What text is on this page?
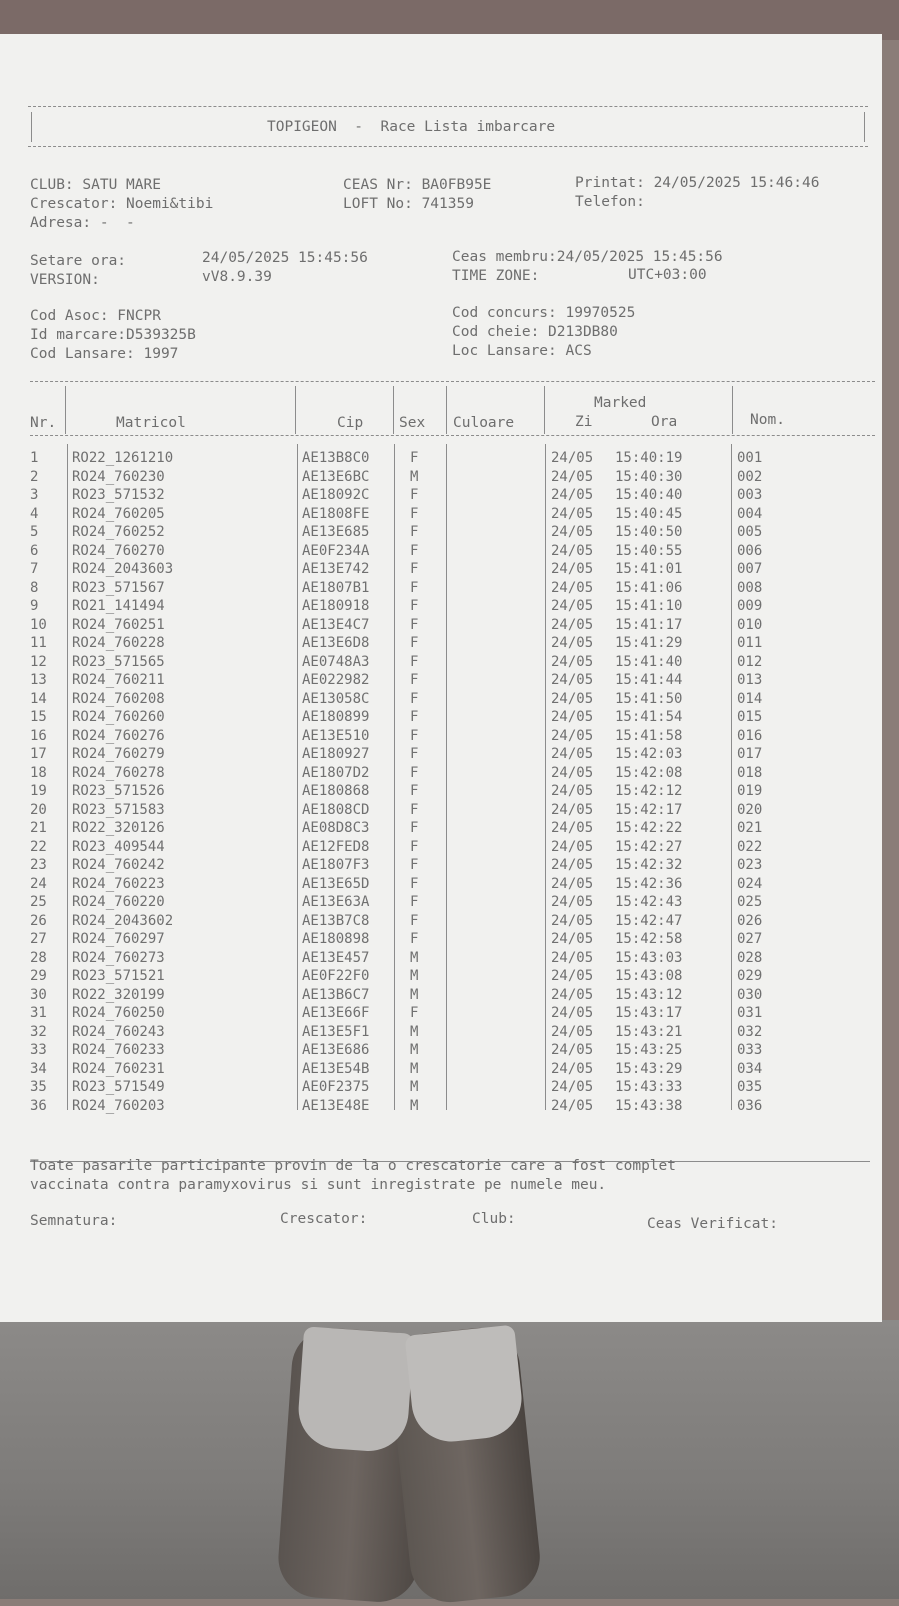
TOPIGEON  -  Race Lista imbarcare
CLUB: SATU MARE
Crescator: Noemi&tibi
Adresa: -  -
CEAS Nr: BA0FB95E
LOFT No: 741359
Printat: 24/05/2025 15:46:46
Telefon:
Setare ora:	24/05/2025 15:45:56
VERSION:	vV8.9.39
Ceas membru:24/05/2025 15:45:56
TIME ZONE:	UTC+03:00
Cod Asoc: FNCPR
Id marcare:D539325B
Cod Lansare: 1997
Cod concurs: 19970525
Cod cheie: D213DB80
Loc Lansare: ACS
Nr.	Matricol	Cip Sex Culoare
Marked
Zi	Ora	Nom.
1 RO22_1261210	AE13B8C0	F	24/05 15:40:19	001
2 RO24_760230	AE13E6BC	M	24/05 15:40:30	002
3 RO23_571532	AE18092C	F	24/05 15:40:40	003
4 RO24_760205	AE1808FE	F	24/05 15:40:45	004
5 RO24_760252	AE13E685	F	24/05 15:40:50	005
6 RO24_760270	AE0F234A	F	24/05 15:40:55	006
7 RO24_2043603	AE13E742	F	24/05 15:41:01	007
8 RO23_571567	AE1807B1	F	24/05 15:41:06	008
9 RO21_141494	AE180918	F	24/05 15:41:10	009
10 RO24_760251	AE13E4C7	F	24/05 15:41:17	010
11 RO24_760228	AE13E6D8	F	24/05 15:41:29	011
12 RO23_571565	AE0748A3	F	24/05 15:41:40	012
13 RO24_760211	AE022982	F	24/05 15:41:44	013
14 RO24_760208	AE13058C	F	24/05 15:41:50	014
15 RO24_760260	AE180899	F	24/05 15:41:54	015
16 RO24_760276	AE13E510	F	24/05 15:41:58	016
17 RO24_760279	AE180927	F	24/05 15:42:03	017
18 RO24_760278	AE1807D2	F	24/05 15:42:08	018
19 RO23_571526	AE180868	F	24/05 15:42:12	019
20 RO23_571583	AE1808CD	F	24/05 15:42:17	020
21 RO22_320126	AE08D8C3	F	24/05 15:42:22	021
22 RO23_409544	AE12FED8	F	24/05 15:42:27	022
23 RO24_760242	AE1807F3	F	24/05 15:42:32	023
24 RO24_760223	AE13E65D	F	24/05 15:42:36	024
25 RO24_760220	AE13E63A	F	24/05 15:42:43	025
26 RO24_2043602	AE13B7C8	F	24/05 15:42:47	026
27 RO24_760297	AE180898	F	24/05 15:42:58	027
28 RO24_760273	AE13E457	M	24/05 15:43:03	028
29 RO23_571521	AE0F22F0	M	24/05 15:43:08	029
30 RO22_320199	AE13B6C7	M	24/05 15:43:12	030
31 RO24_760250	AE13E66F	F	24/05 15:43:17	031
32 RO24_760243	AE13E5F1	M	24/05 15:43:21	032
33 RO24_760233	AE13E686	M	24/05 15:43:25	033
34 RO24_760231	AE13E54B	M	24/05 15:43:29	034
35 RO23_571549	AE0F2375	M	24/05 15:43:33	035
36 RO24_760203	AE13E48E	M	24/05 15:43:38	036
Toate pasarile participante provin de la o crescatorie care a fost complet
vaccinata contra paramyxovirus si sunt inregistrate pe numele meu.
Semnatura:	Crescator:	Club:	Ceas Verificat:
